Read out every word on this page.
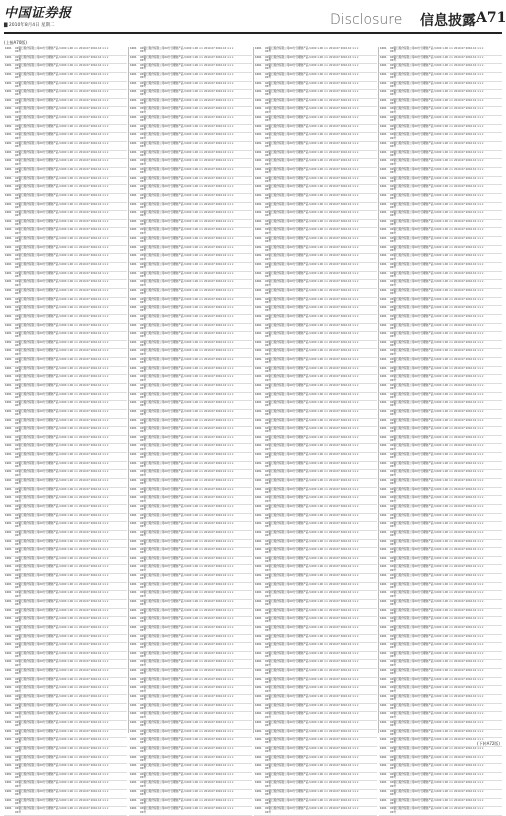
中国证券报
▇ 2010年8月4日 星期二	Disclosure 信息披露 A71
(上接A70版)
1001	XX银行股份有限公司XX分行理财产品XX号
3,000 1.00 ×× 2010.07 2010.10 ×××
1001	XX银行股份有限公司XX分行理财产品XX号
3,000 1.00 ×× 2010.07 2010.10 ×××
1001	XX银行股份有限公司XX分行理财产品XX号
3,000 1.00 ×× 2010.07 2010.10 ×××
1001	XX银行股份有限公司XX分行理财产品XX号
3,000 1.00 ×× 2010.07 2010.10 ×××
1001	XX银行股份有限公司XX分行理财产品XX号
3,000 1.00 ×× 2010.07 2010.10 ×××
1001	XX银行股份有限公司XX分行理财产品XX号
3,000 1.00 ×× 2010.07 2010.10 ×××
1001	XX银行股份有限公司XX分行理财产品XX号
3,000 1.00 ×× 2010.07 2010.10 ×××
1001	XX银行股份有限公司XX分行理财产品XX号
3,000 1.00 ×× 2010.07 2010.10 ×××
1001	XX银行股份有限公司XX分行理财产品XX号
3,000 1.00 ×× 2010.07 2010.10 ×××
1001	XX银行股份有限公司XX分行理财产品XX号
3,000 1.00 ×× 2010.07 2010.10 ×××
1001	XX银行股份有限公司XX分行理财产品XX号
3,000 1.00 ×× 2010.07 2010.10 ×××
1001	XX银行股份有限公司XX分行理财产品XX号
3,000 1.00 ×× 2010.07 2010.10 ×××
1001	XX银行股份有限公司XX分行理财产品XX号
3,000 1.00 ×× 2010.07 2010.10 ×××
1001	XX银行股份有限公司XX分行理财产品XX号
3,000 1.00 ×× 2010.07 2010.10 ×××
1001	XX银行股份有限公司XX分行理财产品XX号
3,000 1.00 ×× 2010.07 2010.10 ×××
1001	XX银行股份有限公司XX分行理财产品XX号
3,000 1.00 ×× 2010.07 2010.10 ×××
1001	XX银行股份有限公司XX分行理财产品XX号
3,000 1.00 ×× 2010.07 2010.10 ×××
1001	XX银行股份有限公司XX分行理财产品XX号
3,000 1.00 ×× 2010.07 2010.10 ×××
1001	XX银行股份有限公司XX分行理财产品XX号
3,000 1.00 ×× 2010.07 2010.10 ×××
1001	XX银行股份有限公司XX分行理财产品XX号
3,000 1.00 ×× 2010.07 2010.10 ×××
1001	XX银行股份有限公司XX分行理财产品XX号
3,000 1.00 ×× 2010.07 2010.10 ×××
1001	XX银行股份有限公司XX分行理财产品XX号
3,000 1.00 ×× 2010.07 2010.10 ×××
1001	XX银行股份有限公司XX分行理财产品XX号
3,000 1.00 ×× 2010.07 2010.10 ×××
1001	XX银行股份有限公司XX分行理财产品XX号
3,000 1.00 ×× 2010.07 2010.10 ×××
1001	XX银行股份有限公司XX分行理财产品XX号
3,000 1.00 ×× 2010.07 2010.10 ×××
1001	XX银行股份有限公司XX分行理财产品XX号
3,000 1.00 ×× 2010.07 2010.10 ×××
1001	XX银行股份有限公司XX分行理财产品XX号
3,000 1.00 ×× 2010.07 2010.10 ×××
1001	XX银行股份有限公司XX分行理财产品XX号
3,000 1.00 ×× 2010.07 2010.10 ×××
1001	XX银行股份有限公司XX分行理财产品XX号
3,000 1.00 ×× 2010.07 2010.10 ×××
1001	XX银行股份有限公司XX分行理财产品XX号
3,000 1.00 ×× 2010.07 2010.10 ×××
1001	XX银行股份有限公司XX分行理财产品XX号
3,000 1.00 ×× 2010.07 2010.10 ×××
1001	XX银行股份有限公司XX分行理财产品XX号
3,000 1.00 ×× 2010.07 2010.10 ×××
1001	XX银行股份有限公司XX分行理财产品XX号
3,000 1.00 ×× 2010.07 2010.10 ×××
1001	XX银行股份有限公司XX分行理财产品XX号
3,000 1.00 ×× 2010.07 2010.10 ×××
1001	XX银行股份有限公司XX分行理财产品XX号
3,000 1.00 ×× 2010.07 2010.10 ×××
1001	XX银行股份有限公司XX分行理财产品XX号
3,000 1.00 ×× 2010.07 2010.10 ×××
1001	XX银行股份有限公司XX分行理财产品XX号
3,000 1.00 ×× 2010.07 2010.10 ×××
1001	XX银行股份有限公司XX分行理财产品XX号
3,000 1.00 ×× 2010.07 2010.10 ×××
1001	XX银行股份有限公司XX分行理财产品XX号
3,000 1.00 ×× 2010.07 2010.10 ×××
1001	XX银行股份有限公司XX分行理财产品XX号
3,000 1.00 ×× 2010.07 2010.10 ×××
1001	XX银行股份有限公司XX分行理财产品XX号
3,000 1.00 ×× 2010.07 2010.10 ×××
1001	XX银行股份有限公司XX分行理财产品XX号
3,000 1.00 ×× 2010.07 2010.10 ×××
1001	XX银行股份有限公司XX分行理财产品XX号
3,000 1.00 ×× 2010.07 2010.10 ×××
1001	XX银行股份有限公司XX分行理财产品XX号
3,000 1.00 ×× 2010.07 2010.10 ×××
1001	XX银行股份有限公司XX分行理财产品XX号
3,000 1.00 ×× 2010.07 2010.10 ×××
1001	XX银行股份有限公司XX分行理财产品XX号
3,000 1.00 ×× 2010.07 2010.10 ×××
1001	XX银行股份有限公司XX分行理财产品XX号
3,000 1.00 ×× 2010.07 2010.10 ×××
1001	XX银行股份有限公司XX分行理财产品XX号
3,000 1.00 ×× 2010.07 2010.10 ×××
1001	XX银行股份有限公司XX分行理财产品XX号
3,000 1.00 ×× 2010.07 2010.10 ×××
1001	XX银行股份有限公司XX分行理财产品XX号
3,000 1.00 ×× 2010.07 2010.10 ×××
1001	XX银行股份有限公司XX分行理财产品XX号
3,000 1.00 ×× 2010.07 2010.10 ×××
1001	XX银行股份有限公司XX分行理财产品XX号
3,000 1.00 ×× 2010.07 2010.10 ×××
1001	XX银行股份有限公司XX分行理财产品XX号
3,000 1.00 ×× 2010.07 2010.10 ×××
1001	XX银行股份有限公司XX分行理财产品XX号
3,000 1.00 ×× 2010.07 2010.10 ×××
1001	XX银行股份有限公司XX分行理财产品XX号
3,000 1.00 ×× 2010.07 2010.10 ×××
1001	XX银行股份有限公司XX分行理财产品XX号
3,000 1.00 ×× 2010.07 2010.10 ×××
1001	XX银行股份有限公司XX分行理财产品XX号
3,000 1.00 ×× 2010.07 2010.10 ×××
1001	XX银行股份有限公司XX分行理财产品XX号
3,000 1.00 ×× 2010.07 2010.10 ×××
1001	XX银行股份有限公司XX分行理财产品XX号
3,000 1.00 ×× 2010.07 2010.10 ×××
1001	XX银行股份有限公司XX分行理财产品XX号
3,000 1.00 ×× 2010.07 2010.10 ×××
1001	XX银行股份有限公司XX分行理财产品XX号
3,000 1.00 ×× 2010.07 2010.10 ×××
1001	XX银行股份有限公司XX分行理财产品XX号
3,000 1.00 ×× 2010.07 2010.10 ×××
1001	XX银行股份有限公司XX分行理财产品XX号
3,000 1.00 ×× 2010.07 2010.10 ×××
1001	XX银行股份有限公司XX分行理财产品XX号
3,000 1.00 ×× 2010.07 2010.10 ×××
1001	XX银行股份有限公司XX分行理财产品XX号
3,000 1.00 ×× 2010.07 2010.10 ×××
1001	XX银行股份有限公司XX分行理财产品XX号
3,000 1.00 ×× 2010.07 2010.10 ×××
1001	XX银行股份有限公司XX分行理财产品XX号
3,000 1.00 ×× 2010.07 2010.10 ×××
1001	XX银行股份有限公司XX分行理财产品XX号
3,000 1.00 ×× 2010.07 2010.10 ×××
1001	XX银行股份有限公司XX分行理财产品XX号
3,000 1.00 ×× 2010.07 2010.10 ×××
1001	XX银行股份有限公司XX分行理财产品XX号
3,000 1.00 ×× 2010.07 2010.10 ×××
1001	XX银行股份有限公司XX分行理财产品XX号
3,000 1.00 ×× 2010.07 2010.10 ×××
1001	XX银行股份有限公司XX分行理财产品XX号
3,000 1.00 ×× 2010.07 2010.10 ×××
1001	XX银行股份有限公司XX分行理财产品XX号
3,000 1.00 ×× 2010.07 2010.10 ×××
1001	XX银行股份有限公司XX分行理财产品XX号
3,000 1.00 ×× 2010.07 2010.10 ×××
1001	XX银行股份有限公司XX分行理财产品XX号
3,000 1.00 ×× 2010.07 2010.10 ×××
1001	XX银行股份有限公司XX分行理财产品XX号
3,000 1.00 ×× 2010.07 2010.10 ×××
1001	XX银行股份有限公司XX分行理财产品XX号
3,000 1.00 ×× 2010.07 2010.10 ×××
1001	XX银行股份有限公司XX分行理财产品XX号
3,000 1.00 ×× 2010.07 2010.10 ×××
1001	XX银行股份有限公司XX分行理财产品XX号
3,000 1.00 ×× 2010.07 2010.10 ×××
1001	XX银行股份有限公司XX分行理财产品XX号
3,000 1.00 ×× 2010.07 2010.10 ×××
1001	XX银行股份有限公司XX分行理财产品XX号
3,000 1.00 ×× 2010.07 2010.10 ×××
1001	XX银行股份有限公司XX分行理财产品XX号
3,000 1.00 ×× 2010.07 2010.10 ×××
1001	XX银行股份有限公司XX分行理财产品XX号
3,000 1.00 ×× 2010.07 2010.10 ×××
1001	XX银行股份有限公司XX分行理财产品XX号
3,000 1.00 ×× 2010.07 2010.10 ×××
1001	XX银行股份有限公司XX分行理财产品XX号
3,000 1.00 ×× 2010.07 2010.10 ×××
1001	XX银行股份有限公司XX分行理财产品XX号
3,000 1.00 ×× 2010.07 2010.10 ×××
1001	XX银行股份有限公司XX分行理财产品XX号
3,000 1.00 ×× 2010.07 2010.10 ×××
1001	XX银行股份有限公司XX分行理财产品XX号
3,000 1.00 ×× 2010.07 2010.10 ×××
1001	XX银行股份有限公司XX分行理财产品XX号
3,000 1.00 ×× 2010.07 2010.10 ×××
1001	XX银行股份有限公司XX分行理财产品XX号
3,000 1.00 ×× 2010.07 2010.10 ×××
1001	XX银行股份有限公司XX分行理财产品XX号
3,000 1.00 ×× 2010.07 2010.10 ×××
1001	XX银行股份有限公司XX分行理财产品XX号
3,000 1.00 ×× 2010.07 2010.10 ×××
1001	XX银行股份有限公司XX分行理财产品XX号
3,000 1.00 ×× 2010.07 2010.10 ×××
1001	XX银行股份有限公司XX分行理财产品XX号
3,000 1.00 ×× 2010.07 2010.10 ×××
1001	XX银行股份有限公司XX分行理财产品XX号
3,000 1.00 ×× 2010.07 2010.10 ×××
1001	XX银行股份有限公司XX分行理财产品XX号
3,000 1.00 ×× 2010.07 2010.10 ×××
1001	XX银行股份有限公司XX分行理财产品XX号
3,000 1.00 ×× 2010.07 2010.10 ×××
1001	XX银行股份有限公司XX分行理财产品XX号
3,000 1.00 ×× 2010.07 2010.10 ×××
1001	XX银行股份有限公司XX分行理财产品XX号
3,000 1.00 ×× 2010.07 2010.10 ×××
1001	XX银行股份有限公司XX分行理财产品XX号
3,000 1.00 ×× 2010.07 2010.10 ×××
1001	XX银行股份有限公司XX分行理财产品XX号
3,000 1.00 ×× 2010.07 2010.10 ×××
1001	XX银行股份有限公司XX分行理财产品XX号
3,000 1.00 ×× 2010.07 2010.10 ×××
1001	XX银行股份有限公司XX分行理财产品XX号
3,000 1.00 ×× 2010.07 2010.10 ×××
1001	XX银行股份有限公司XX分行理财产品XX号
3,000 1.00 ×× 2010.07 2010.10 ×××
1001	XX银行股份有限公司XX分行理财产品XX号
3,000 1.00 ×× 2010.07 2010.10 ×××
1001	XX银行股份有限公司XX分行理财产品XX号
3,000 1.00 ×× 2010.07 2010.10 ×××
1001	XX银行股份有限公司XX分行理财产品XX号
3,000 1.00 ×× 2010.07 2010.10 ×××
1001	XX银行股份有限公司XX分行理财产品XX号
3,000 1.00 ×× 2010.07 2010.10 ×××
1001	XX银行股份有限公司XX分行理财产品XX号
3,000 1.00 ×× 2010.07 2010.10 ×××
1001	XX银行股份有限公司XX分行理财产品XX号
3,000 1.00 ×× 2010.07 2010.10 ×××
1001	XX银行股份有限公司XX分行理财产品XX号
3,000 1.00 ×× 2010.07 2010.10 ×××
1001	XX银行股份有限公司XX分行理财产品XX号
3,000 1.00 ×× 2010.07 2010.10 ×××
1001	XX银行股份有限公司XX分行理财产品XX号
3,000 1.00 ×× 2010.07 2010.10 ×××
1001	XX银行股份有限公司XX分行理财产品XX号
3,000 1.00 ×× 2010.07 2010.10 ×××
1001	XX银行股份有限公司XX分行理财产品XX号
3,000 1.00 ×× 2010.07 2010.10 ×××
1001	XX银行股份有限公司XX分行理财产品XX号
3,000 1.00 ×× 2010.07 2010.10 ×××
1001	XX银行股份有限公司XX分行理财产品XX号
3,000 1.00 ×× 2010.07 2010.10 ×××
1001	XX银行股份有限公司XX分行理财产品XX号
3,000 1.00 ×× 2010.07 2010.10 ×××
1001	XX银行股份有限公司XX分行理财产品XX号
3,000 1.00 ×× 2010.07 2010.10 ×××
1001	XX银行股份有限公司XX分行理财产品XX号
3,000 1.00 ×× 2010.07 2010.10 ×××
1001	XX银行股份有限公司XX分行理财产品XX号
3,000 1.00 ×× 2010.07 2010.10 ×××
1001	XX银行股份有限公司XX分行理财产品XX号
3,000 1.00 ×× 2010.07 2010.10 ×××
1001	XX银行股份有限公司XX分行理财产品XX号
3,000 1.00 ×× 2010.07 2010.10 ×××
1001	XX银行股份有限公司XX分行理财产品XX号
3,000 1.00 ×× 2010.07 2010.10 ×××
1001	XX银行股份有限公司XX分行理财产品XX号
3,000 1.00 ×× 2010.07 2010.10 ×××
1001	XX银行股份有限公司XX分行理财产品XX号
3,000 1.00 ×× 2010.07 2010.10 ×××
1001	XX银行股份有限公司XX分行理财产品XX号
3,000 1.00 ×× 2010.07 2010.10 ×××
1001	XX银行股份有限公司XX分行理财产品XX号
3,000 1.00 ×× 2010.07 2010.10 ×××
1001	XX银行股份有限公司XX分行理财产品XX号
3,000 1.00 ×× 2010.07 2010.10 ×××
1001	XX银行股份有限公司XX分行理财产品XX号
3,000 1.00 ×× 2010.07 2010.10 ×××
1001	XX银行股份有限公司XX分行理财产品XX号
3,000 1.00 ×× 2010.07 2010.10 ×××
1001	XX银行股份有限公司XX分行理财产品XX号
3,000 1.00 ×× 2010.07 2010.10 ×××
1001	XX银行股份有限公司XX分行理财产品XX号
3,000 1.00 ×× 2010.07 2010.10 ×××
1001	XX银行股份有限公司XX分行理财产品XX号
3,000 1.00 ×× 2010.07 2010.10 ×××
1001	XX银行股份有限公司XX分行理财产品XX号
3,000 1.00 ×× 2010.07 2010.10 ×××
1001	XX银行股份有限公司XX分行理财产品XX号
3,000 1.00 ×× 2010.07 2010.10 ×××
1001	XX银行股份有限公司XX分行理财产品XX号
3,000 1.00 ×× 2010.07 2010.10 ×××
1001	XX银行股份有限公司XX分行理财产品XX号
3,000 1.00 ×× 2010.07 2010.10 ×××
1001	XX银行股份有限公司XX分行理财产品XX号
3,000 1.00 ×× 2010.07 2010.10 ×××
1001	XX银行股份有限公司XX分行理财产品XX号
3,000 1.00 ×× 2010.07 2010.10 ×××
1001	XX银行股份有限公司XX分行理财产品XX号
3,000 1.00 ×× 2010.07 2010.10 ×××
1001	XX银行股份有限公司XX分行理财产品XX号
3,000 1.00 ×× 2010.07 2010.10 ×××
1001	XX银行股份有限公司XX分行理财产品XX号
3,000 1.00 ×× 2010.07 2010.10 ×××
1001	XX银行股份有限公司XX分行理财产品XX号
3,000 1.00 ×× 2010.07 2010.10 ×××
1001	XX银行股份有限公司XX分行理财产品XX号
3,000 1.00 ×× 2010.07 2010.10 ×××
1001	XX银行股份有限公司XX分行理财产品XX号
3,000 1.00 ×× 2010.07 2010.10 ×××
1001	XX银行股份有限公司XX分行理财产品XX号
3,000 1.00 ×× 2010.07 2010.10 ×××
1001	XX银行股份有限公司XX分行理财产品XX号
3,000 1.00 ×× 2010.07 2010.10 ×××
1001	XX银行股份有限公司XX分行理财产品XX号
3,000 1.00 ×× 2010.07 2010.10 ×××
1001	XX银行股份有限公司XX分行理财产品XX号
3,000 1.00 ×× 2010.07 2010.10 ×××
1001	XX银行股份有限公司XX分行理财产品XX号
3,000 1.00 ×× 2010.07 2010.10 ×××
1001	XX银行股份有限公司XX分行理财产品XX号
3,000 1.00 ×× 2010.07 2010.10 ×××
1001	XX银行股份有限公司XX分行理财产品XX号
3,000 1.00 ×× 2010.07 2010.10 ×××
1001	XX银行股份有限公司XX分行理财产品XX号
3,000 1.00 ×× 2010.07 2010.10 ×××
1001	XX银行股份有限公司XX分行理财产品XX号
3,000 1.00 ×× 2010.07 2010.10 ×××
1001	XX银行股份有限公司XX分行理财产品XX号
3,000 1.00 ×× 2010.07 2010.10 ×××
1001	XX银行股份有限公司XX分行理财产品XX号
3,000 1.00 ×× 2010.07 2010.10 ×××
1001	XX银行股份有限公司XX分行理财产品XX号
3,000 1.00 ×× 2010.07 2010.10 ×××
1001	XX银行股份有限公司XX分行理财产品XX号
3,000 1.00 ×× 2010.07 2010.10 ×××
1001	XX银行股份有限公司XX分行理财产品XX号
3,000 1.00 ×× 2010.07 2010.10 ×××
1001	XX银行股份有限公司XX分行理财产品XX号
3,000 1.00 ×× 2010.07 2010.10 ×××
1001	XX银行股份有限公司XX分行理财产品XX号
3,000 1.00 ×× 2010.07 2010.10 ×××
1001	XX银行股份有限公司XX分行理财产品XX号
3,000 1.00 ×× 2010.07 2010.10 ×××
1001	XX银行股份有限公司XX分行理财产品XX号
3,000 1.00 ×× 2010.07 2010.10 ×××
1001	XX银行股份有限公司XX分行理财产品XX号
3,000 1.00 ×× 2010.07 2010.10 ×××
1001	XX银行股份有限公司XX分行理财产品XX号
3,000 1.00 ×× 2010.07 2010.10 ×××
1001	XX银行股份有限公司XX分行理财产品XX号
3,000 1.00 ×× 2010.07 2010.10 ×××
1001	XX银行股份有限公司XX分行理财产品XX号
3,000 1.00 ×× 2010.07 2010.10 ×××
1001	XX银行股份有限公司XX分行理财产品XX号
3,000 1.00 ×× 2010.07 2010.10 ×××
1001	XX银行股份有限公司XX分行理财产品XX号
3,000 1.00 ×× 2010.07 2010.10 ×××
1001	XX银行股份有限公司XX分行理财产品XX号
3,000 1.00 ×× 2010.07 2010.10 ×××
1001	XX银行股份有限公司XX分行理财产品XX号
3,000 1.00 ×× 2010.07 2010.10 ×××
1001	XX银行股份有限公司XX分行理财产品XX号
3,000 1.00 ×× 2010.07 2010.10 ×××
1001	XX银行股份有限公司XX分行理财产品XX号
3,000 1.00 ×× 2010.07 2010.10 ×××
1001	XX银行股份有限公司XX分行理财产品XX号
3,000 1.00 ×× 2010.07 2010.10 ×××
1001	XX银行股份有限公司XX分行理财产品XX号
3,000 1.00 ×× 2010.07 2010.10 ×××
1001	XX银行股份有限公司XX分行理财产品XX号
3,000 1.00 ×× 2010.07 2010.10 ×××
1001	XX银行股份有限公司XX分行理财产品XX号
3,000 1.00 ×× 2010.07 2010.10 ×××
1001	XX银行股份有限公司XX分行理财产品XX号
3,000 1.00 ×× 2010.07 2010.10 ×××
1001	XX银行股份有限公司XX分行理财产品XX号
3,000 1.00 ×× 2010.07 2010.10 ×××
1001	XX银行股份有限公司XX分行理财产品XX号
3,000 1.00 ×× 2010.07 2010.10 ×××
1001	XX银行股份有限公司XX分行理财产品XX号
3,000 1.00 ×× 2010.07 2010.10 ×××
1001	XX银行股份有限公司XX分行理财产品XX号
3,000 1.00 ×× 2010.07 2010.10 ×××
1001	XX银行股份有限公司XX分行理财产品XX号
3,000 1.00 ×× 2010.07 2010.10 ×××
1001	XX银行股份有限公司XX分行理财产品XX号
3,000 1.00 ×× 2010.07 2010.10 ×××
1001	XX银行股份有限公司XX分行理财产品XX号
3,000 1.00 ×× 2010.07 2010.10 ×××
1001	XX银行股份有限公司XX分行理财产品XX号
3,000 1.00 ×× 2010.07 2010.10 ×××
1001	XX银行股份有限公司XX分行理财产品XX号
3,000 1.00 ×× 2010.07 2010.10 ×××
1001	XX银行股份有限公司XX分行理财产品XX号
3,000 1.00 ×× 2010.07 2010.10 ×××
1001	XX银行股份有限公司XX分行理财产品XX号
3,000 1.00 ×× 2010.07 2010.10 ×××
1001	XX银行股份有限公司XX分行理财产品XX号
3,000 1.00 ×× 2010.07 2010.10 ×××
1001	XX银行股份有限公司XX分行理财产品XX号
3,000 1.00 ×× 2010.07 2010.10 ×××
1001	XX银行股份有限公司XX分行理财产品XX号
3,000 1.00 ×× 2010.07 2010.10 ×××
1001	XX银行股份有限公司XX分行理财产品XX号
3,000 1.00 ×× 2010.07 2010.10 ×××
1001	XX银行股份有限公司XX分行理财产品XX号
3,000 1.00 ×× 2010.07 2010.10 ×××
1001	XX银行股份有限公司XX分行理财产品XX号
3,000 1.00 ×× 2010.07 2010.10 ×××
1001	XX银行股份有限公司XX分行理财产品XX号
3,000 1.00 ×× 2010.07 2010.10 ×××
1001	XX银行股份有限公司XX分行理财产品XX号
3,000 1.00 ×× 2010.07 2010.10 ×××
1001	XX银行股份有限公司XX分行理财产品XX号
3,000 1.00 ×× 2010.07 2010.10 ×××
1001	XX银行股份有限公司XX分行理财产品XX号
3,000 1.00 ×× 2010.07 2010.10 ×××
1001	XX银行股份有限公司XX分行理财产品XX号
3,000 1.00 ×× 2010.07 2010.10 ×××
1001	XX银行股份有限公司XX分行理财产品XX号
3,000 1.00 ×× 2010.07 2010.10 ×××
1001	XX银行股份有限公司XX分行理财产品XX号
3,000 1.00 ×× 2010.07 2010.10 ×××
1001	XX银行股份有限公司XX分行理财产品XX号
3,000 1.00 ×× 2010.07 2010.10 ×××
1001	XX银行股份有限公司XX分行理财产品XX号
3,000 1.00 ×× 2010.07 2010.10 ×××
1001	XX银行股份有限公司XX分行理财产品XX号
3,000 1.00 ×× 2010.07 2010.10 ×××
1001	XX银行股份有限公司XX分行理财产品XX号
3,000 1.00 ×× 2010.07 2010.10 ×××
1001	XX银行股份有限公司XX分行理财产品XX号
3,000 1.00 ×× 2010.07 2010.10 ×××
1001	XX银行股份有限公司XX分行理财产品XX号
3,000 1.00 ×× 2010.07 2010.10 ×××
1001	XX银行股份有限公司XX分行理财产品XX号
3,000 1.00 ×× 2010.07 2010.10 ×××
1001	XX银行股份有限公司XX分行理财产品XX号
3,000 1.00 ×× 2010.07 2010.10 ×××
1001	XX银行股份有限公司XX分行理财产品XX号
3,000 1.00 ×× 2010.07 2010.10 ×××
1001	XX银行股份有限公司XX分行理财产品XX号
3,000 1.00 ×× 2010.07 2010.10 ×××
1001	XX银行股份有限公司XX分行理财产品XX号
3,000 1.00 ×× 2010.07 2010.10 ×××
1001	XX银行股份有限公司XX分行理财产品XX号
3,000 1.00 ×× 2010.07 2010.10 ×××
1001	XX银行股份有限公司XX分行理财产品XX号
3,000 1.00 ×× 2010.07 2010.10 ×××
1001	XX银行股份有限公司XX分行理财产品XX号
3,000 1.00 ×× 2010.07 2010.10 ×××
1001	XX银行股份有限公司XX分行理财产品XX号
3,000 1.00 ×× 2010.07 2010.10 ×××
1001	XX银行股份有限公司XX分行理财产品XX号
3,000 1.00 ×× 2010.07 2010.10 ×××
1001	XX银行股份有限公司XX分行理财产品XX号
3,000 1.00 ×× 2010.07 2010.10 ×××
1001	XX银行股份有限公司XX分行理财产品XX号
3,000 1.00 ×× 2010.07 2010.10 ×××
1001	XX银行股份有限公司XX分行理财产品XX号
3,000 1.00 ×× 2010.07 2010.10 ×××
1001	XX银行股份有限公司XX分行理财产品XX号
3,000 1.00 ×× 2010.07 2010.10 ×××
1001	XX银行股份有限公司XX分行理财产品XX号
3,000 1.00 ×× 2010.07 2010.10 ×××
1001	XX银行股份有限公司XX分行理财产品XX号
3,000 1.00 ×× 2010.07 2010.10 ×××
1001	XX银行股份有限公司XX分行理财产品XX号
3,000 1.00 ×× 2010.07 2010.10 ×××
1001	XX银行股份有限公司XX分行理财产品XX号
3,000 1.00 ×× 2010.07 2010.10 ×××
1001	XX银行股份有限公司XX分行理财产品XX号
3,000 1.00 ×× 2010.07 2010.10 ×××
1001	XX银行股份有限公司XX分行理财产品XX号
3,000 1.00 ×× 2010.07 2010.10 ×××
1001	XX银行股份有限公司XX分行理财产品XX号
3,000 1.00 ×× 2010.07 2010.10 ×××
1001	XX银行股份有限公司XX分行理财产品XX号
3,000 1.00 ×× 2010.07 2010.10 ×××
1001	XX银行股份有限公司XX分行理财产品XX号
3,000 1.00 ×× 2010.07 2010.10 ×××
1001	XX银行股份有限公司XX分行理财产品XX号
3,000 1.00 ×× 2010.07 2010.10 ×××
1001	XX银行股份有限公司XX分行理财产品XX号
3,000 1.00 ×× 2010.07 2010.10 ×××
1001	XX银行股份有限公司XX分行理财产品XX号
3,000 1.00 ×× 2010.07 2010.10 ×××
1001	XX银行股份有限公司XX分行理财产品XX号
3,000 1.00 ×× 2010.07 2010.10 ×××
1001	XX银行股份有限公司XX分行理财产品XX号
3,000 1.00 ×× 2010.07 2010.10 ×××
1001	XX银行股份有限公司XX分行理财产品XX号
3,000 1.00 ×× 2010.07 2010.10 ×××
1001	XX银行股份有限公司XX分行理财产品XX号
3,000 1.00 ×× 2010.07 2010.10 ×××
1001	XX银行股份有限公司XX分行理财产品XX号
3,000 1.00 ×× 2010.07 2010.10 ×××
1001	XX银行股份有限公司XX分行理财产品XX号
3,000 1.00 ×× 2010.07 2010.10 ×××
1001	XX银行股份有限公司XX分行理财产品XX号
3,000 1.00 ×× 2010.07 2010.10 ×××
1001	XX银行股份有限公司XX分行理财产品XX号
3,000 1.00 ×× 2010.07 2010.10 ×××
1001	XX银行股份有限公司XX分行理财产品XX号
3,000 1.00 ×× 2010.07 2010.10 ×××
1001	XX银行股份有限公司XX分行理财产品XX号
3,000 1.00 ×× 2010.07 2010.10 ×××
1001	XX银行股份有限公司XX分行理财产品XX号
3,000 1.00 ×× 2010.07 2010.10 ×××
1001	XX银行股份有限公司XX分行理财产品XX号
3,000 1.00 ×× 2010.07 2010.10 ×××
1001	XX银行股份有限公司XX分行理财产品XX号
3,000 1.00 ×× 2010.07 2010.10 ×××
1001	XX银行股份有限公司XX分行理财产品XX号
3,000 1.00 ×× 2010.07 2010.10 ×××
1001	XX银行股份有限公司XX分行理财产品XX号
3,000 1.00 ×× 2010.07 2010.10 ×××
1001	XX银行股份有限公司XX分行理财产品XX号
3,000 1.00 ×× 2010.07 2010.10 ×××
1001	XX银行股份有限公司XX分行理财产品XX号
3,000 1.00 ×× 2010.07 2010.10 ×××
1001	XX银行股份有限公司XX分行理财产品XX号
3,000 1.00 ×× 2010.07 2010.10 ×××
1001	XX银行股份有限公司XX分行理财产品XX号
3,000 1.00 ×× 2010.07 2010.10 ×××
1001	XX银行股份有限公司XX分行理财产品XX号
3,000 1.00 ×× 2010.07 2010.10 ×××
1001	XX银行股份有限公司XX分行理财产品XX号
3,000 1.00 ×× 2010.07 2010.10 ×××
1001	XX银行股份有限公司XX分行理财产品XX号
3,000 1.00 ×× 2010.07 2010.10 ×××
1001	XX银行股份有限公司XX分行理财产品XX号
3,000 1.00 ×× 2010.07 2010.10 ×××
1001	XX银行股份有限公司XX分行理财产品XX号
3,000 1.00 ×× 2010.07 2010.10 ×××
1001	XX银行股份有限公司XX分行理财产品XX号
3,000 1.00 ×× 2010.07 2010.10 ×××
1001	XX银行股份有限公司XX分行理财产品XX号
3,000 1.00 ×× 2010.07 2010.10 ×××
1001	XX银行股份有限公司XX分行理财产品XX号
3,000 1.00 ×× 2010.07 2010.10 ×××
1001	XX银行股份有限公司XX分行理财产品XX号
3,000 1.00 ×× 2010.07 2010.10 ×××
1001	XX银行股份有限公司XX分行理财产品XX号
3,000 1.00 ×× 2010.07 2010.10 ×××
1001	XX银行股份有限公司XX分行理财产品XX号
3,000 1.00 ×× 2010.07 2010.10 ×××
1001	XX银行股份有限公司XX分行理财产品XX号
3,000 1.00 ×× 2010.07 2010.10 ×××
1001	XX银行股份有限公司XX分行理财产品XX号
3,000 1.00 ×× 2010.07 2010.10 ×××
1001	XX银行股份有限公司XX分行理财产品XX号
3,000 1.00 ×× 2010.07 2010.10 ×××
1001	XX银行股份有限公司XX分行理财产品XX号
3,000 1.00 ×× 2010.07 2010.10 ×××
1001	XX银行股份有限公司XX分行理财产品XX号
3,000 1.00 ×× 2010.07 2010.10 ×××
1001	XX银行股份有限公司XX分行理财产品XX号
3,000 1.00 ×× 2010.07 2010.10 ×××
1001	XX银行股份有限公司XX分行理财产品XX号
3,000 1.00 ×× 2010.07 2010.10 ×××
1001	XX银行股份有限公司XX分行理财产品XX号
3,000 1.00 ×× 2010.07 2010.10 ×××
1001	XX银行股份有限公司XX分行理财产品XX号
3,000 1.00 ×× 2010.07 2010.10 ×××
1001	XX银行股份有限公司XX分行理财产品XX号
3,000 1.00 ×× 2010.07 2010.10 ×××
1001	XX银行股份有限公司XX分行理财产品XX号
3,000 1.00 ×× 2010.07 2010.10 ×××
1001	XX银行股份有限公司XX分行理财产品XX号
3,000 1.00 ×× 2010.07 2010.10 ×××
1001	XX银行股份有限公司XX分行理财产品XX号
3,000 1.00 ×× 2010.07 2010.10 ×××
1001	XX银行股份有限公司XX分行理财产品XX号
3,000 1.00 ×× 2010.07 2010.10 ×××
1001	XX银行股份有限公司XX分行理财产品XX号
3,000 1.00 ×× 2010.07 2010.10 ×××
1001	XX银行股份有限公司XX分行理财产品XX号
3,000 1.00 ×× 2010.07 2010.10 ×××
1001	XX银行股份有限公司XX分行理财产品XX号
3,000 1.00 ×× 2010.07 2010.10 ×××
1001	XX银行股份有限公司XX分行理财产品XX号
3,000 1.00 ×× 2010.07 2010.10 ×××
1001	XX银行股份有限公司XX分行理财产品XX号
3,000 1.00 ×× 2010.07 2010.10 ×××
1001	XX银行股份有限公司XX分行理财产品XX号
3,000 1.00 ×× 2010.07 2010.10 ×××
1001	XX银行股份有限公司XX分行理财产品XX号
3,000 1.00 ×× 2010.07 2010.10 ×××
1001	XX银行股份有限公司XX分行理财产品XX号
3,000 1.00 ×× 2010.07 2010.10 ×××
1001	XX银行股份有限公司XX分行理财产品XX号
3,000 1.00 ×× 2010.07 2010.10 ×××
1001	XX银行股份有限公司XX分行理财产品XX号
3,000 1.00 ×× 2010.07 2010.10 ×××
1001	XX银行股份有限公司XX分行理财产品XX号
3,000 1.00 ×× 2010.07 2010.10 ×××
1001	XX银行股份有限公司XX分行理财产品XX号
3,000 1.00 ×× 2010.07 2010.10 ×××
1001	XX银行股份有限公司XX分行理财产品XX号
3,000 1.00 ×× 2010.07 2010.10 ×××
1001	XX银行股份有限公司XX分行理财产品XX号
3,000 1.00 ×× 2010.07 2010.10 ×××
1001	XX银行股份有限公司XX分行理财产品XX号
3,000 1.00 ×× 2010.07 2010.10 ×××
1001	XX银行股份有限公司XX分行理财产品XX号
3,000 1.00 ×× 2010.07 2010.10 ×××
1001	XX银行股份有限公司XX分行理财产品XX号
3,000 1.00 ×× 2010.07 2010.10 ×××
1001	XX银行股份有限公司XX分行理财产品XX号
3,000 1.00 ×× 2010.07 2010.10 ×××
1001	XX银行股份有限公司XX分行理财产品XX号
3,000 1.00 ×× 2010.07 2010.10 ×××
1001	XX银行股份有限公司XX分行理财产品XX号
3,000 1.00 ×× 2010.07 2010.10 ×××
1001	XX银行股份有限公司XX分行理财产品XX号
3,000 1.00 ×× 2010.07 2010.10 ×××
1001	XX银行股份有限公司XX分行理财产品XX号
3,000 1.00 ×× 2010.07 2010.10 ×××
1001	XX银行股份有限公司XX分行理财产品XX号
3,000 1.00 ×× 2010.07 2010.10 ×××
1001	XX银行股份有限公司XX分行理财产品XX号
3,000 1.00 ×× 2010.07 2010.10 ×××
1001	XX银行股份有限公司XX分行理财产品XX号
3,000 1.00 ×× 2010.07 2010.10 ×××
1001	XX银行股份有限公司XX分行理财产品XX号
3,000 1.00 ×× 2010.07 2010.10 ×××
1001	XX银行股份有限公司XX分行理财产品XX号
3,000 1.00 ×× 2010.07 2010.10 ×××
1001	XX银行股份有限公司XX分行理财产品XX号
3,000 1.00 ×× 2010.07 2010.10 ×××
1001	XX银行股份有限公司XX分行理财产品XX号
3,000 1.00 ×× 2010.07 2010.10 ×××
1001	XX银行股份有限公司XX分行理财产品XX号
3,000 1.00 ×× 2010.07 2010.10 ×××
1001	XX银行股份有限公司XX分行理财产品XX号
3,000 1.00 ×× 2010.07 2010.10 ×××
1001	XX银行股份有限公司XX分行理财产品XX号
3,000 1.00 ×× 2010.07 2010.10 ×××
1001	XX银行股份有限公司XX分行理财产品XX号
3,000 1.00 ×× 2010.07 2010.10 ×××
1001	XX银行股份有限公司XX分行理财产品XX号
3,000 1.00 ×× 2010.07 2010.10 ×××
1001	XX银行股份有限公司XX分行理财产品XX号
3,000 1.00 ×× 2010.07 2010.10 ×××
1001	XX银行股份有限公司XX分行理财产品XX号
3,000 1.00 ×× 2010.07 2010.10 ×××
1001	XX银行股份有限公司XX分行理财产品XX号
3,000 1.00 ×× 2010.07 2010.10 ×××
1001	XX银行股份有限公司XX分行理财产品XX号
3,000 1.00 ×× 2010.07 2010.10 ×××
1001	XX银行股份有限公司XX分行理财产品XX号
3,000 1.00 ×× 2010.07 2010.10 ×××
1001	XX银行股份有限公司XX分行理财产品XX号
3,000 1.00 ×× 2010.07 2010.10 ×××
1001	XX银行股份有限公司XX分行理财产品XX号
3,000 1.00 ×× 2010.07 2010.10 ×××
1001	XX银行股份有限公司XX分行理财产品XX号
3,000 1.00 ×× 2010.07 2010.10 ×××
1001	XX银行股份有限公司XX分行理财产品XX号
3,000 1.00 ×× 2010.07 2010.10 ×××
1001	XX银行股份有限公司XX分行理财产品XX号
3,000 1.00 ×× 2010.07 2010.10 ×××
1001	XX银行股份有限公司XX分行理财产品XX号
3,000 1.00 ×× 2010.07 2010.10 ×××
1001	XX银行股份有限公司XX分行理财产品XX号
3,000 1.00 ×× 2010.07 2010.10 ×××
1001	XX银行股份有限公司XX分行理财产品XX号
3,000 1.00 ×× 2010.07 2010.10 ×××
1001	XX银行股份有限公司XX分行理财产品XX号
3,000 1.00 ×× 2010.07 2010.10 ×××
1001	XX银行股份有限公司XX分行理财产品XX号
3,000 1.00 ×× 2010.07 2010.10 ×××
1001	XX银行股份有限公司XX分行理财产品XX号
3,000 1.00 ×× 2010.07 2010.10 ×××
1001	XX银行股份有限公司XX分行理财产品XX号
3,000 1.00 ×× 2010.07 2010.10 ×××
1001	XX银行股份有限公司XX分行理财产品XX号
3,000 1.00 ×× 2010.07 2010.10 ×××
1001	XX银行股份有限公司XX分行理财产品XX号
3,000 1.00 ×× 2010.07 2010.10 ×××
1001	XX银行股份有限公司XX分行理财产品XX号
3,000 1.00 ×× 2010.07 2010.10 ×××
1001	XX银行股份有限公司XX分行理财产品XX号
3,000 1.00 ×× 2010.07 2010.10 ×××
1001	XX银行股份有限公司XX分行理财产品XX号
3,000 1.00 ×× 2010.07 2010.10 ×××
1001	XX银行股份有限公司XX分行理财产品XX号
3,000 1.00 ×× 2010.07 2010.10 ×××
1001	XX银行股份有限公司XX分行理财产品XX号
3,000 1.00 ×× 2010.07 2010.10 ×××
1001	XX银行股份有限公司XX分行理财产品XX号
3,000 1.00 ×× 2010.07 2010.10 ×××
1001	XX银行股份有限公司XX分行理财产品XX号
3,000 1.00 ×× 2010.07 2010.10 ×××
1001	XX银行股份有限公司XX分行理财产品XX号
3,000 1.00 ×× 2010.07 2010.10 ×××
1001	XX银行股份有限公司XX分行理财产品XX号
3,000 1.00 ×× 2010.07 2010.10 ×××
1001	XX银行股份有限公司XX分行理财产品XX号
3,000 1.00 ×× 2010.07 2010.10 ×××
1001	XX银行股份有限公司XX分行理财产品XX号
3,000 1.00 ×× 2010.07 2010.10 ×××
1001	XX银行股份有限公司XX分行理财产品XX号
3,000 1.00 ×× 2010.07 2010.10 ×××
1001	XX银行股份有限公司XX分行理财产品XX号
3,000 1.00 ×× 2010.07 2010.10 ×××
1001	XX银行股份有限公司XX分行理财产品XX号
3,000 1.00 ×× 2010.07 2010.10 ×××
1001	XX银行股份有限公司XX分行理财产品XX号
3,000 1.00 ×× 2010.07 2010.10 ×××
1001	XX银行股份有限公司XX分行理财产品XX号
3,000 1.00 ×× 2010.07 2010.10 ×××
1001	XX银行股份有限公司XX分行理财产品XX号
3,000 1.00 ×× 2010.07 2010.10 ×××
1001	XX银行股份有限公司XX分行理财产品XX号
3,000 1.00 ×× 2010.07 2010.10 ×××
1001	XX银行股份有限公司XX分行理财产品XX号
3,000 1.00 ×× 2010.07 2010.10 ×××
1001	XX银行股份有限公司XX分行理财产品XX号
3,000 1.00 ×× 2010.07 2010.10 ×××
1001	XX银行股份有限公司XX分行理财产品XX号
3,000 1.00 ×× 2010.07 2010.10 ×××
1001	XX银行股份有限公司XX分行理财产品XX号
3,000 1.00 ×× 2010.07 2010.10 ×××
1001	XX银行股份有限公司XX分行理财产品XX号
3,000 1.00 ×× 2010.07 2010.10 ×××
1001	XX银行股份有限公司XX分行理财产品XX号
3,000 1.00 ×× 2010.07 2010.10 ×××
(下转A72版)
